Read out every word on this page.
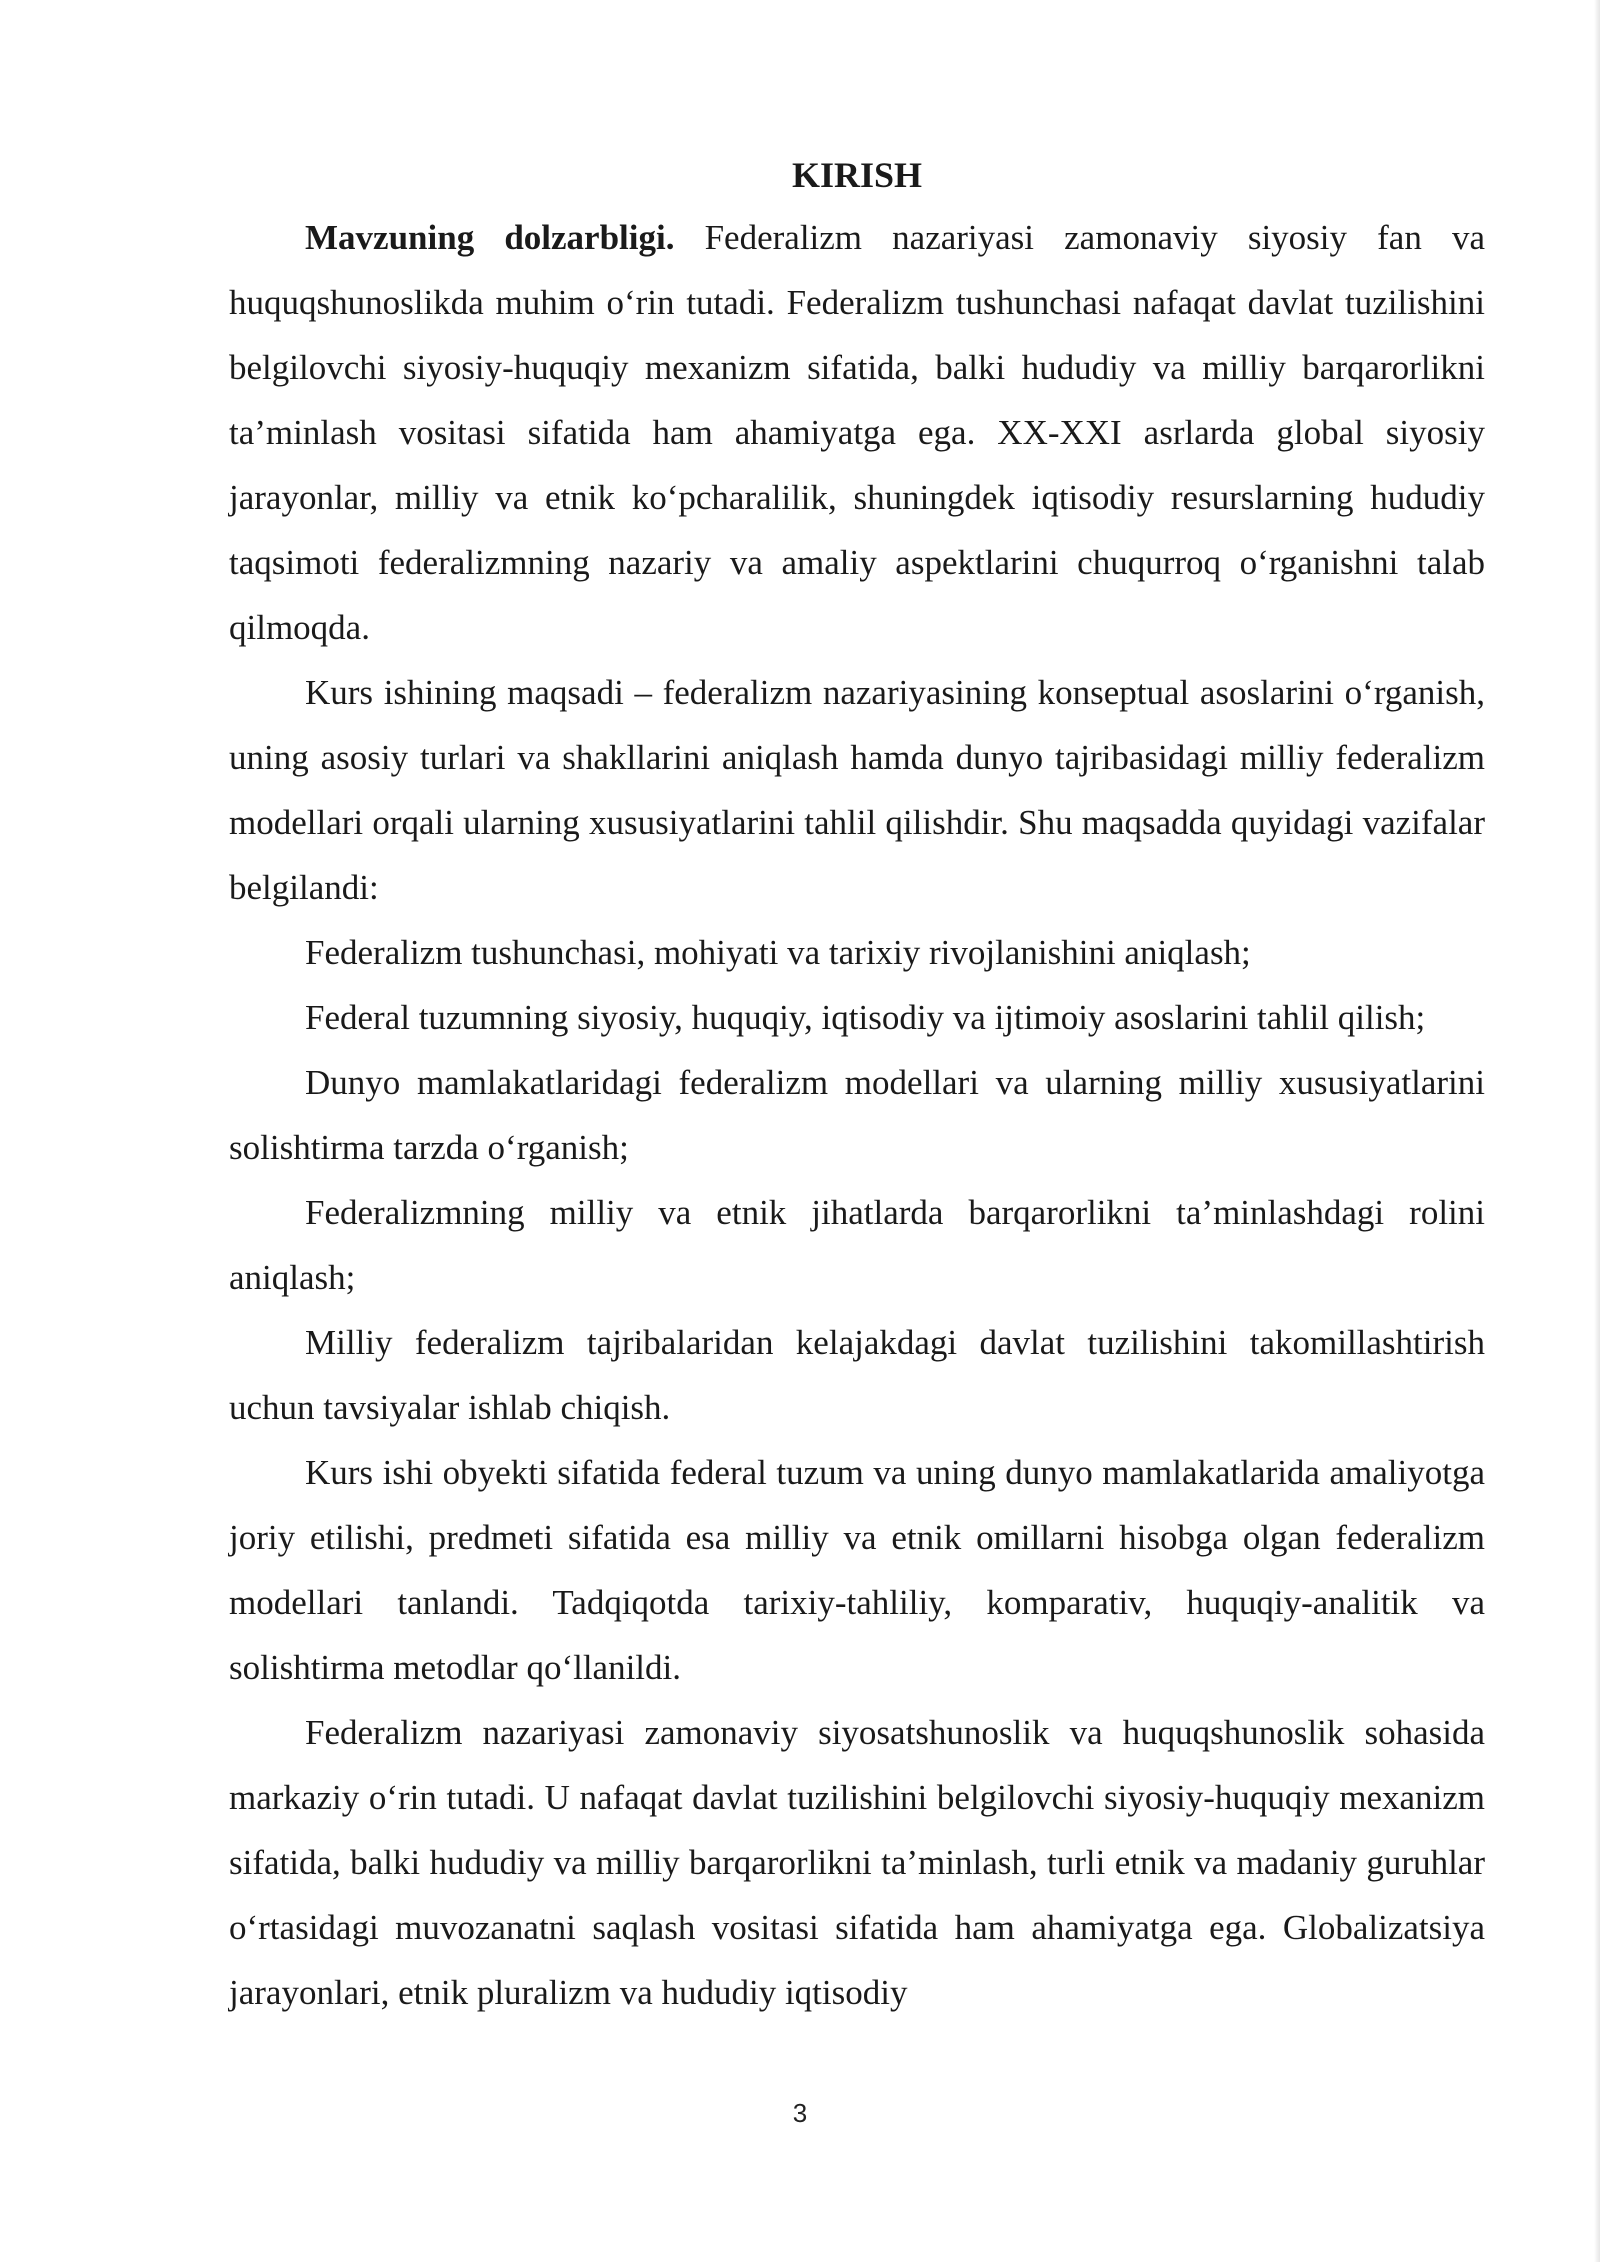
KIRISH

Mavzuning dolzarbligi. Federalizm nazariyasi zamonaviy siyosiy fan va huquqshunoslikda muhim o‘rin tutadi. Federalizm tushunchasi nafaqat davlat tuzilishini belgilovchi siyosiy-huquqiy mexanizm sifatida, balki hududiy va milliy barqarorlikni ta’minlash vositasi sifatida ham ahamiyatga ega. XX-XXI asrlarda global siyosiy jarayonlar, milliy va etnik ko‘pcharalilik, shuningdek iqtisodiy resurslarning hududiy taqsimoti federalizmning nazariy va amaliy aspektlarini chuqurroq o‘rganishni talab qilmoqda.

Kurs ishining maqsadi – federalizm nazariyasining konseptual asoslarini o‘rganish, uning asosiy turlari va shakllarini aniqlash hamda dunyo tajribasidagi milliy federalizm modellari orqali ularning xususiyatlarini tahlil qilishdir. Shu maqsadda quyidagi vazifalar belgilandi:

Federalizm tushunchasi, mohiyati va tarixiy rivojlanishini aniqlash;

Federal tuzumning siyosiy, huquqiy, iqtisodiy va ijtimoiy asoslarini tahlil qilish;

Dunyo mamlakatlaridagi federalizm modellari va ularning milliy xususiyatlarini solishtirma tarzda o‘rganish;

Federalizmning milliy va etnik jihatlarda barqarorlikni ta’minlashdagi rolini aniqlash;

Milliy federalizm tajribalaridan kelajakdagi davlat tuzilishini takomillashtirish uchun tavsiyalar ishlab chiqish.

Kurs ishi obyekti sifatida federal tuzum va uning dunyo mamlakatlarida amaliyotga joriy etilishi, predmeti sifatida esa milliy va etnik omillarni hisobga olgan federalizm modellari tanlandi. Tadqiqotda tarixiy-tahliliy, komparativ, huquqiy-analitik va solishtirma metodlar qo‘llanildi.

Federalizm nazariyasi zamonaviy siyosatshunoslik va huquqshunoslik sohasida markaziy o‘rin tutadi. U nafaqat davlat tuzilishini belgilovchi siyosiy-huquqiy mexanizm sifatida, balki hududiy va milliy barqarorlikni ta’minlash, turli etnik va madaniy guruhlar o‘rtasidagi muvozanatni saqlash vositasi sifatida ham ahamiyatga ega. Globalizatsiya jarayonlari, etnik pluralizm va hududiy iqtisodiy

3
